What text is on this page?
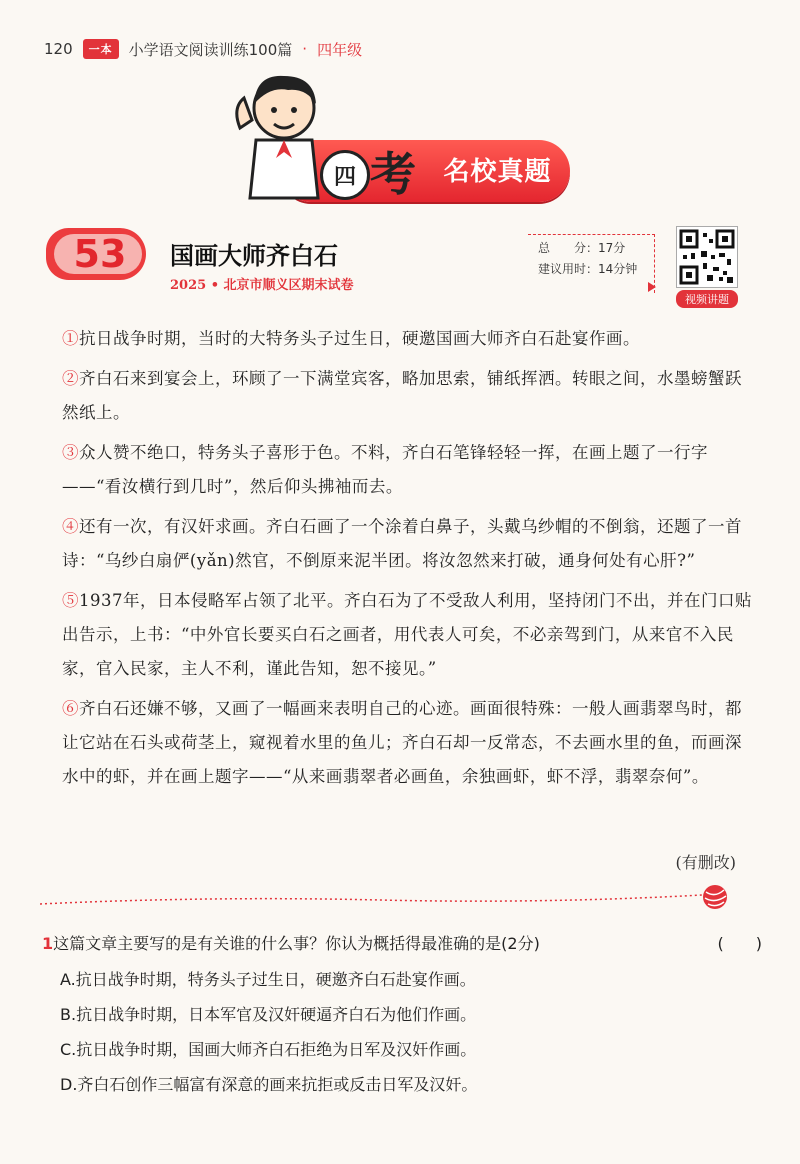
120	一本	小学语文阅读训练100篇 · 四年级
四 考	名校真题
53	国画大师齐白石
2025 • 北京市顺义区期末试卷
总　　分：17分
建议用时：14分钟
视频讲题

①抗日战争时期，当时的大特务头子过生日，硬邀国画大师齐白石赴宴作画。

②齐白石来到宴会上，环顾了一下满堂宾客，略加思索，铺纸挥洒。转眼之间，水墨螃蟹跃然纸上。

③众人赞不绝口，特务头子喜形于色。不料，齐白石笔锋轻轻一挥，在画上题了一行字——“看汝横行到几时”，然后仰头拂袖而去。

④还有一次，有汉奸求画。齐白石画了一个涂着白鼻子，头戴乌纱帽的不倒翁，还题了一首诗：“乌纱白扇俨(yǎn)然官，不倒原来泥半团。将汝忽然来打破，通身何处有心肝?”

⑤1937年，日本侵略军占领了北平。齐白石为了不受敌人利用，坚持闭门不出，并在门口贴出告示，上书：“中外官长要买白石之画者，用代表人可矣，不必亲驾到门，从来官不入民家，官入民家，主人不利，谨此告知，恕不接见。”

⑥齐白石还嫌不够，又画了一幅画来表明自己的心迹。画面很特殊：一般人画翡翠鸟时，都让它站在石头或荷茎上，窥视着水里的鱼儿；齐白石却一反常态，不去画水里的鱼，而画深水中的虾，并在画上题字——“从来画翡翠者必画鱼，余独画虾，虾不浮，翡翠奈何”。

(有删改)
1这篇文章主要写的是有关谁的什么事？你认为概括得最准确的是(2分)	(　　)
A.抗日战争时期，特务头子过生日，硬邀齐白石赴宴作画。
B.抗日战争时期，日本军官及汉奸硬逼齐白石为他们作画。
C.抗日战争时期，国画大师齐白石拒绝为日军及汉奸作画。
D.齐白石创作三幅富有深意的画来抗拒或反击日军及汉奸。
